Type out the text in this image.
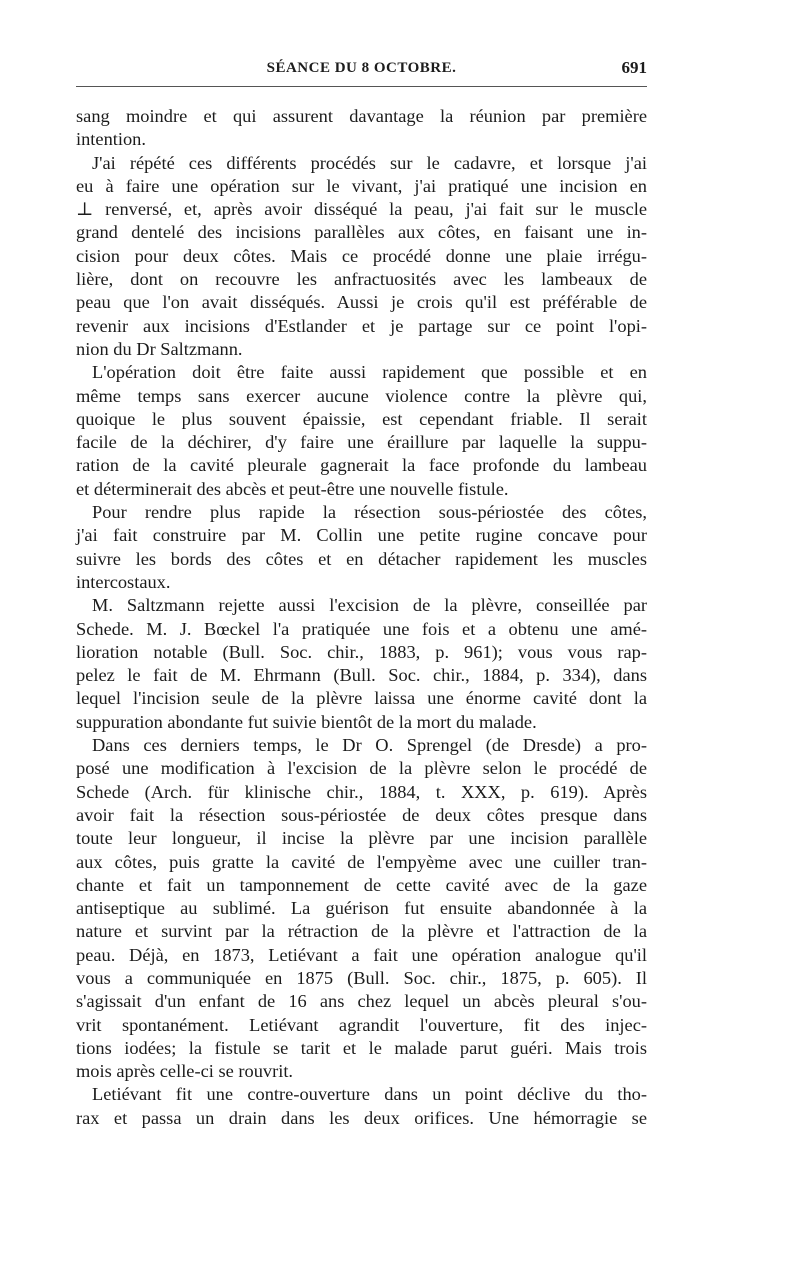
SÉANCE DU 8 OCTOBRE.	691
sang moindre et qui assurent davantage la réunion par première
intention.
J'ai répété ces différents procédés sur le cadavre, et lorsque j'ai
eu à faire une opération sur le vivant, j'ai pratiqué une incision en
⊥ renversé, et, après avoir disséqué la peau, j'ai fait sur le muscle
grand dentelé des incisions parallèles aux côtes, en faisant une in-
cision pour deux côtes. Mais ce procédé donne une plaie irrégu-
lière, dont on recouvre les anfractuosités avec les lambeaux de
peau que l'on avait disséqués. Aussi je crois qu'il est préférable de
revenir aux incisions d'Estlander et je partage sur ce point l'opi-
nion du Dr Saltzmann.
L'opération doit être faite aussi rapidement que possible et en
même temps sans exercer aucune violence contre la plèvre qui,
quoique le plus souvent épaissie, est cependant friable. Il serait
facile de la déchirer, d'y faire une éraillure par laquelle la suppu-
ration de la cavité pleurale gagnerait la face profonde du lambeau
et déterminerait des abcès et peut-être une nouvelle fistule.
Pour rendre plus rapide la résection sous-périostée des côtes,
j'ai fait construire par M. Collin une petite rugine concave pour
suivre les bords des côtes et en détacher rapidement les muscles
intercostaux.
M. Saltzmann rejette aussi l'excision de la plèvre, conseillée par
Schede. M. J. Bœckel l'a pratiquée une fois et a obtenu une amé-
lioration notable (Bull. Soc. chir., 1883, p. 961); vous vous rap-
pelez le fait de M. Ehrmann (Bull. Soc. chir., 1884, p. 334), dans
lequel l'incision seule de la plèvre laissa une énorme cavité dont la
suppuration abondante fut suivie bientôt de la mort du malade.
Dans ces derniers temps, le Dr O. Sprengel (de Dresde) a pro-
posé une modification à l'excision de la plèvre selon le procédé de
Schede (Arch. für klinische chir., 1884, t. XXX, p. 619). Après
avoir fait la résection sous-périostée de deux côtes presque dans
toute leur longueur, il incise la plèvre par une incision parallèle
aux côtes, puis gratte la cavité de l'empyème avec une cuiller tran-
chante et fait un tamponnement de cette cavité avec de la gaze
antiseptique au sublimé. La guérison fut ensuite abandonnée à la
nature et survint par la rétraction de la plèvre et l'attraction de la
peau. Déjà, en 1873, Letiévant a fait une opération analogue qu'il
vous a communiquée en 1875 (Bull. Soc. chir., 1875, p. 605). Il
s'agissait d'un enfant de 16 ans chez lequel un abcès pleural s'ou-
vrit spontanément. Letiévant agrandit l'ouverture, fit des injec-
tions iodées; la fistule se tarit et le malade parut guéri. Mais trois
mois après celle-ci se rouvrit.
Letiévant fit une contre-ouverture dans un point déclive du tho-
rax et passa un drain dans les deux orifices. Une hémorragie se
